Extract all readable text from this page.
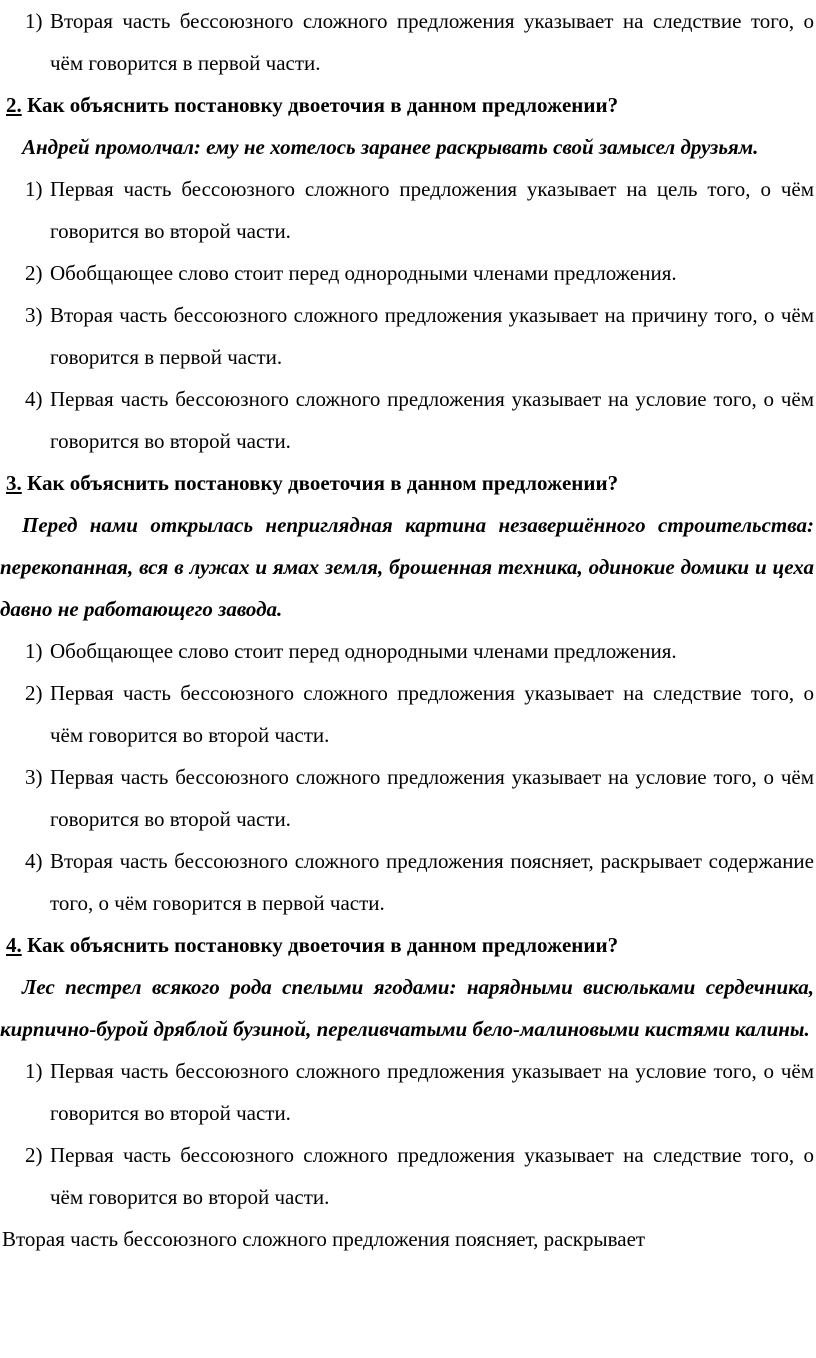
1) Вторая часть бессоюзного сложного предложения указывает на следствие того, о чём говорится в первой части.
2. Как объяснить постановку двоеточия в данном предложении?
Андрей промолчал: ему не хотелось заранее раскрывать свой замысел друзьям.
1) Первая часть бессоюзного сложного предложения указывает на цель того, о чём говорится во второй части.
2) Обобщающее слово стоит перед однородными членами предложения.
3) Вторая часть бессоюзного сложного предложения указывает на причину того, о чём говорится в первой части.
4) Первая часть бессоюзного сложного предложения указывает на условие того, о чём говорится во второй части.
3. Как объяснить постановку двоеточия в данном предложении?
Перед нами открылась неприглядная картина незавершённого строительства: перекопанная, вся в лужах и ямах земля, брошенная техника, одинокие домики и цеха давно не работающего завода.
1) Обобщающее слово стоит перед однородными членами предложения.
2) Первая часть бессоюзного сложного предложения указывает на следствие того, о чём говорится во второй части.
3) Первая часть бессоюзного сложного предложения указывает на условие того, о чём говорится во второй части.
4) Вторая часть бессоюзного сложного предложения поясняет, раскрывает содержание того, о чём говорится в первой части.
4. Как объяснить постановку двоеточия в данном предложении?
Лес пестрел всякого рода спелыми ягодами: нарядными висюльками сердечника, кирпично-бурой дряблой бузиной, переливчатыми бело-малиновыми кистями калины.
1) Первая часть бессоюзного сложного предложения указывает на условие того, о чём говорится во второй части.
2) Первая часть бессоюзного сложного предложения указывает на следствие того, о чём говорится во второй части.
Вторая часть бессоюзного сложного предложения поясняет, раскрывает
